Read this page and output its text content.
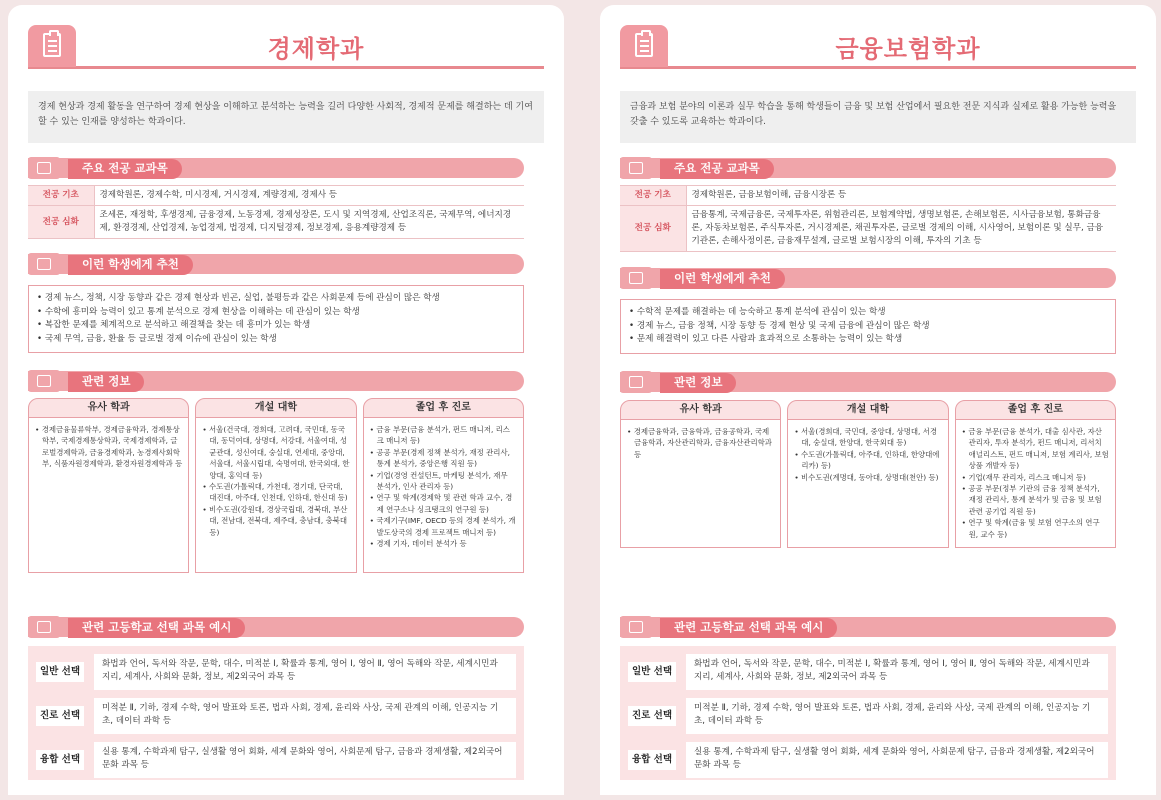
경제학과
경제 현상과 경제 활동을 연구하여 경제 현상을 이해하고 분석하는 능력을 길러 다양한 사회적, 경제적 문제를 해결하는 데 기여할 수 있는 인재를 양성하는 학과이다.
주요 전공 교과목
전공 기초	경제학원론, 경제수학, 미시경제, 거시경제, 계량경제, 경제사 등
전공 심화	조세론, 재정학, 후생경제, 금융경제, 노동경제, 경제성장론, 도시 및 지역경제, 산업조직론, 국제무역, 에너지경제, 환경경제, 산업경제, 농업경제, 법경제, 디지털경제, 정보경제, 응용계량경제 등
이런 학생에게 추천
• 경제 뉴스, 정책, 시장 동향과 같은 경제 현상과 빈곤, 실업, 불평등과 같은 사회문제 등에 관심이 많은 학생
• 수학에 흥미와 능력이 있고 통계 분석으로 경제 현상을 이해하는 데 관심이 있는 학생
• 복잡한 문제를 체계적으로 분석하고 해결책을 찾는 데 흥미가 있는 학생
• 국제 무역, 금융, 환율 등 글로벌 경제 이슈에 관심이 있는 학생
관련 정보
유사 학과
• 경제금융물류학부, 경제금융학과, 경제통상학부, 국제경제통상학과, 국제경제학과, 글로벌경제학과, 금융경제학과, 농경제사회학부, 식품자원경제학과, 환경자원경제학과 등
개설 대학
• 서울(건국대, 경희대, 고려대, 국민대, 동국대, 동덕여대, 상명대, 서강대, 서울여대, 성균관대, 성신여대, 숭실대, 연세대, 중앙대, 서울대, 서울시립대, 숙명여대, 한국외대, 한양대, 홍익대 등)
• 수도권(가톨릭대, 가천대, 경기대, 단국대, 대진대, 아주대, 인천대, 인하대, 한신대 등)
• 비수도권(강원대, 경상국립대, 경북대, 부산대, 전남대, 전북대, 제주대, 충남대, 충북대 등)
졸업 후 진로
• 금융 부문(금융 분석가, 펀드 매니저, 리스크 매니저 등)
• 공공 부문(경제 정책 분석가, 재정 관리사, 통계 분석가, 중앙은행 직원 등)
• 기업(경영 컨설턴트, 마케팅 분석가, 재무 분석가, 인사 관리자 등)
• 연구 및 학계(경제학 및 관련 학과 교수, 경제 연구소나 싱크탱크의 연구원 등)
• 국제기구(IMF, OECD 등의 경제 분석가, 개발도상국의 경제 프로젝트 매니저 등)
• 경제 기자, 데이터 분석가 등
관련 고등학교 선택 과목 예시
일반 선택
화법과 언어, 독서와 작문, 문학, 대수, 미적분 Ⅰ, 확률과 통계, 영어 Ⅰ, 영어 Ⅱ, 영어 독해와 작문, 세계시민과 지리, 세계사, 사회와 문화, 정보, 제2외국어 과목 등
진로 선택
미적분 Ⅱ, 기하, 경제 수학, 영어 발표와 토론, 법과 사회, 경제, 윤리와 사상, 국제 관계의 이해, 인공지능 기초, 데이터 과학 등
융합 선택
실용 통계, 수학과제 탐구, 실생활 영어 회화, 세계 문화와 영어, 사회문제 탐구, 금융과 경제생활, 제2외국어 문화 과목 등
금융보험학과
금융과 보험 분야의 이론과 실무 학습을 통해 학생들이 금융 및 보험 산업에서 필요한 전문 지식과 실제로 활용 가능한 능력을 갖출 수 있도록 교육하는 학과이다.
주요 전공 교과목
전공 기초	경제학원론, 금융보험이해, 금융시장론 등
전공 심화	금융통계, 국제금융론, 국제투자론, 위험관리론, 보험계약법, 생명보험론, 손해보험론, 시사금융보험, 통화금융론, 자동차보험론, 주식투자론, 거시경제론, 채권투자론, 글로벌 경제의 이해, 시사영어, 보험이론 및 실무, 금융기관론, 손해사정이론, 금융재무설계, 글로벌 보험시장의 이해, 투자의 기초 등
이런 학생에게 추천
• 수학적 문제를 해결하는 데 능숙하고 통계 분석에 관심이 있는 학생
• 경제 뉴스, 금융 정책, 시장 동향 등 경제 현상 및 국제 금융에 관심이 많은 학생
• 문제 해결력이 있고 다른 사람과 효과적으로 소통하는 능력이 있는 학생
관련 정보
유사 학과
• 경제금융학과, 금융학과, 금융공학과, 국제금융학과, 자산관리학과, 금융자산관리학과 등
개설 대학
• 서울(경희대, 국민대, 중앙대, 상명대, 서경대, 숭실대, 한양대, 한국외대 등)
• 수도권(가톨릭대, 아주대, 인하대, 한양대에리카) 등)
• 비수도권(계명대, 동아대, 상명대(천안) 등)
졸업 후 진로
• 금융 부문(금융 분석가, 대출 심사관, 자산 관리자, 투자 분석가, 펀드 매니저, 리서치 애널리스트, 펀드 매니저, 보험 계리사, 보험 상품 개발자 등)
• 기업(재무 관리자, 리스크 매니저 등)
• 공공 부문(정부 기관의 금융 정책 분석가, 재정 관리사, 통계 분석가 및 금융 및 보험 관련 공기업 직원 등)
• 연구 및 학계(금융 및 보험 연구소의 연구원, 교수 등)
관련 고등학교 선택 과목 예시
일반 선택
화법과 언어, 독서와 작문, 문학, 대수, 미적분 Ⅰ, 확률과 통계, 영어 Ⅰ, 영어 Ⅱ, 영어 독해와 작문, 세계시민과 지리, 세계사, 사회와 문화, 정보, 제2외국어 과목 등
진로 선택
미적분 Ⅱ, 기하, 경제 수학, 영어 발표와 토론, 법과 사회, 경제, 윤리와 사상, 국제 관계의 이해, 인공지능 기초, 데이터 과학 등
융합 선택
실용 통계, 수학과제 탐구, 실생활 영어 회화, 세계 문화와 영어, 사회문제 탐구, 금융과 경제생활, 제2외국어 문화 과목 등
